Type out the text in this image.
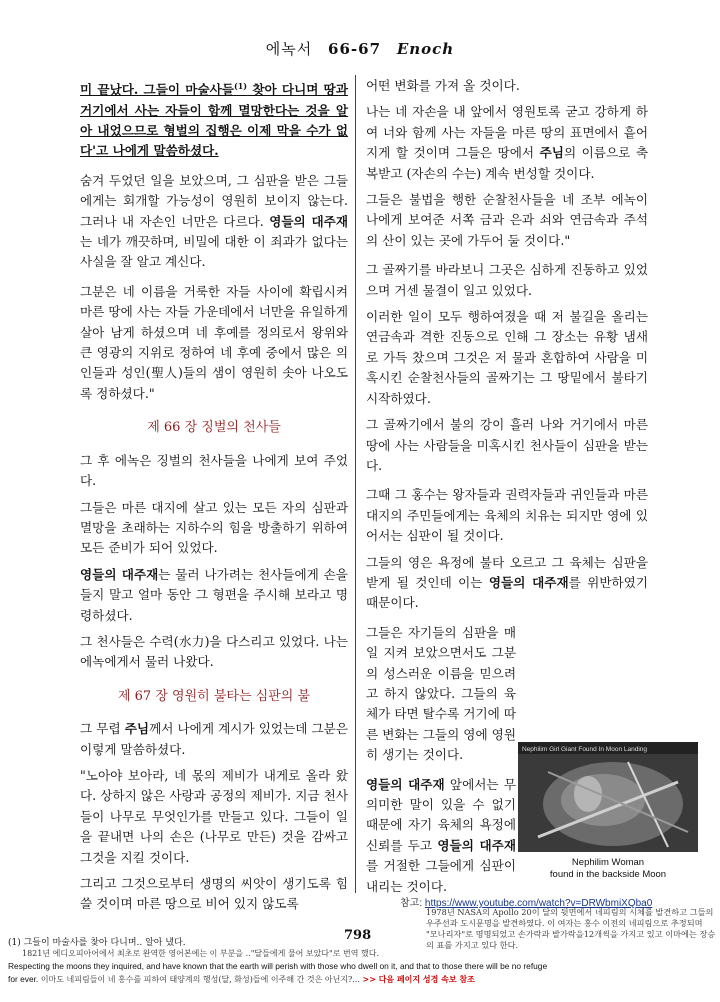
에녹서 66-67 Enoch

미 끝났다. 그들이 마술사들$^{(1)}$ 찾아 다니며 땅과 거기에서 사는 자들이 함께 멸망한다는 것을 알아 내었으므로 형벌의 집행은 이제 막을 수가 없다'고 나에게 말씀하셨다.

숨겨 두었던 일을 보았으며, 그 심판을 받은 그들에게는 회개할 가능성이 영원히 보이지 않는다. 그러나 내 자손인 너만은 다르다. 영들의 대주재는 네가 깨끗하며, 비밀에 대한 이 죄과가 없다는 사실을 잘 알고 계신다.

그분은 네 이름을 거룩한 자들 사이에 확립시켜 마른 땅에 사는 자들 가운데에서 너만을 유일하게 살아 남게 하셨으며 네 후예를 정의로서 왕위와 큰 영광의 지위로 정하여 네 후예 중에서 많은 의인들과 성인(聖人)들의 샘이 영원히 솟아 나오도록 정하셨다."

제 66 장 징벌의 천사들

그 후 에녹은 징벌의 천사들을 나에게 보여 주었다.

그들은 마른 대지에 살고 있는 모든 자의 심판과 멸망을 초래하는 지하수의 힘을 방출하기 위하여 모든 준비가 되어 있었다.

영들의 대주재는 물러 나가려는 천사들에게 손을 들지 말고 얼마 동안 그 형편을 주시해 보라고 명령하셨다.

그 천사들은 수력(水力)을 다스리고 있었다. 나는 에녹에게서 물러 나왔다.

제 67 장 영원히 불타는 심판의 불

그 무렵 주님께서 나에게 계시가 있었는데 그분은 이렇게 말씀하셨다.

"노아야 보아라, 네 몫의 제비가 내게로 올라 왔다. 상하지 않은 사랑과 공정의 제비가. 지금 천사들이 나무로 무엇인가를 만들고 있다. 그들이 일을 끝내면 나의 손은 (나무로 만든) 것을 감싸고 그것을 지킬 것이다.

그리고 그것으로부터 생명의 씨앗이 생기도록 힘쓸 것이며 마른 땅으로 비어 있지 않도록

어떤 변화를 가져 올 것이다.

나는 네 자손을 내 앞에서 영원토록 굳고 강하게 하여 너와 함께 사는 자들을 마른 땅의 표면에서 흩어지게 할 것이며 그들은 땅에서 주님의 이름으로 축복받고 (자손의 수는) 계속 번성할 것이다.

그들은 불법을 행한 순찰천사들을 네 조부 에녹이 나에게 보여준 서쪽 금과 은과 쇠와 연금속과 주석의 산이 있는 곳에 가두어 둘 것이다."

그 골짜기를 바라보니 그곳은 심하게 진동하고 있었으며 거센 물결이 일고 있었다.

이러한 일이 모두 행하여졌을 때 저 불길을 올리는 연금속과 격한 진동으로 인해 그 장소는 유황 냄새로 가득 찼으며 그것은 저 물과 혼합하여 사람을 미혹시킨 순찰천사들의 골짜기는 그 땅밑에서 불타기 시작하였다.

그 골짜기에서 불의 강이 흘러 나와 거기에서 마른 땅에 사는 사람들을 미혹시킨 천사들이 심판을 받는다.

그때 그 홍수는 왕자들과 권력자들과 귀인들과 마른 대지의 주민들에게는 육체의 치유는 되지만 영에 있어서는 심판이 될 것이다.

그들의 영은 욕정에 불타 오르고 그 육체는 심판을 받게 될 것인데 이는 영들의 대주재를 위반하였기 때문이다.

그들은 자기들의 심판을 매일 지켜 보았으면서도 그분의 성스러운 이름을 믿으려고 하지 않았다. 그들의 육체가 타면 탈수록 거기에 따른 변화는 그들의 영에 영원히 생기는 것이다.

영들의 대주재 앞에서는 무의미한 말이 있을 수 없기 때문에 자기 육체의 욕정에 신뢰를 두고 영들의 대주재를 거절한 그들에게 심판이 내리는 것이다.

Nephilim Girl Giant Found In Moon Landing
Nephilim Woman
found in the backside Moon
참고: https://www.youtube.com/watch?v=DRWbmiXQba0
1978년 NASA의 Apollo 20이 달의 뒷면에서 네피림의 시체를 발견하고 그들의 우주선과 도시문명을 발견하였다. 이 여자는 홍수 이전의 네피림으로 추정되며 "모나리자"로 명명되었고 손가락과 발가락을12개씩을 가지고 있고 이마에는 장승의 표를 가지고 있다 한다.
798
(1) 그들이 마술사를 찾아 다니며.. 알아 냈다.
1821년 에디오피아어에서 최초로 완역한 영어본에는 이 부분을 .."달들에게 물어 보았다"로 번역 했다.
Respecting the moons they inquired, and have known that the earth will perish with those who dwell on it, and that to those there will be no refuge for ever. 이마도 네피림들이 네 홍수를 피하여 태양계의 행성(달, 화성)들에 이주해 간 것은 아닌지?... >> 다음 페이지 성경 속보 참조
